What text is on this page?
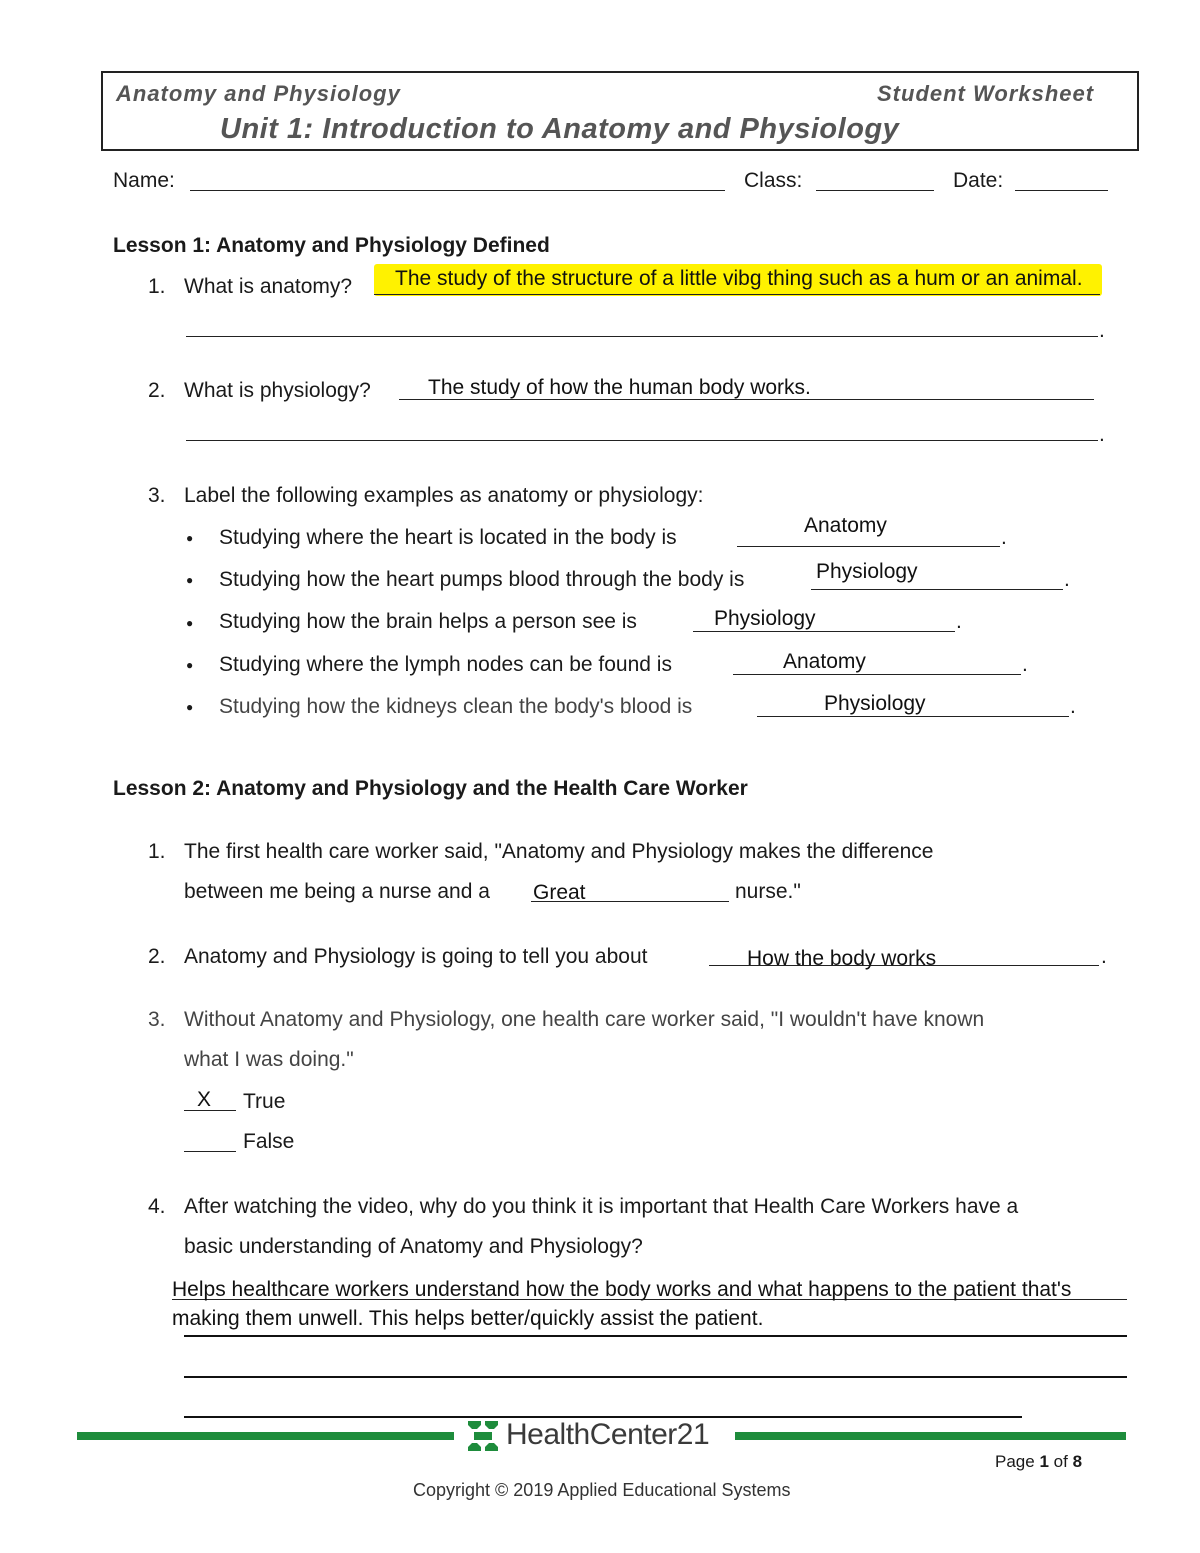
Anatomy and Physiology	Student Worksheet
Unit 1: Introduction to Anatomy and Physiology
Name:	Class:	Date:
Lesson 1: Anatomy and Physiology Defined
1. What is anatomy? The study of the structure of a little vibg thing such as a hum or an animal.
.
2. What is physiology?	The study of how the human body works.
.
3. Label the following examples as anatomy or physiology:
● Studying where the heart is located in the body is
Anatomy
.
● Studying how the heart pumps blood through the body is	Physiology	.
● Studying how the brain helps a person see is	Physiology	.
● Studying where the lymph nodes can be found is	Anatomy	.
● Studying how the kidneys clean the body's blood is	Physiology	.
Lesson 2: Anatomy and Physiology and the Health Care Worker
1. The first health care worker said, "Anatomy and Physiology makes the difference
between me being a nurse and a Great	nurse."
2. Anatomy and Physiology is going to tell you about	How the body works	.
3. Without Anatomy and Physiology, one health care worker said, "I wouldn't have known
what I was doing."
X True
False
4. After watching the video, why do you think it is important that Health Care Workers have a
basic understanding of Anatomy and Physiology?
Helps healthcare workers understand how the body works and what happens to the patient that's
making them unwell. This helps better/quickly assist the patient.
HealthCenter21
Page 1 of 8
Copyright © 2019 Applied Educational Systems
